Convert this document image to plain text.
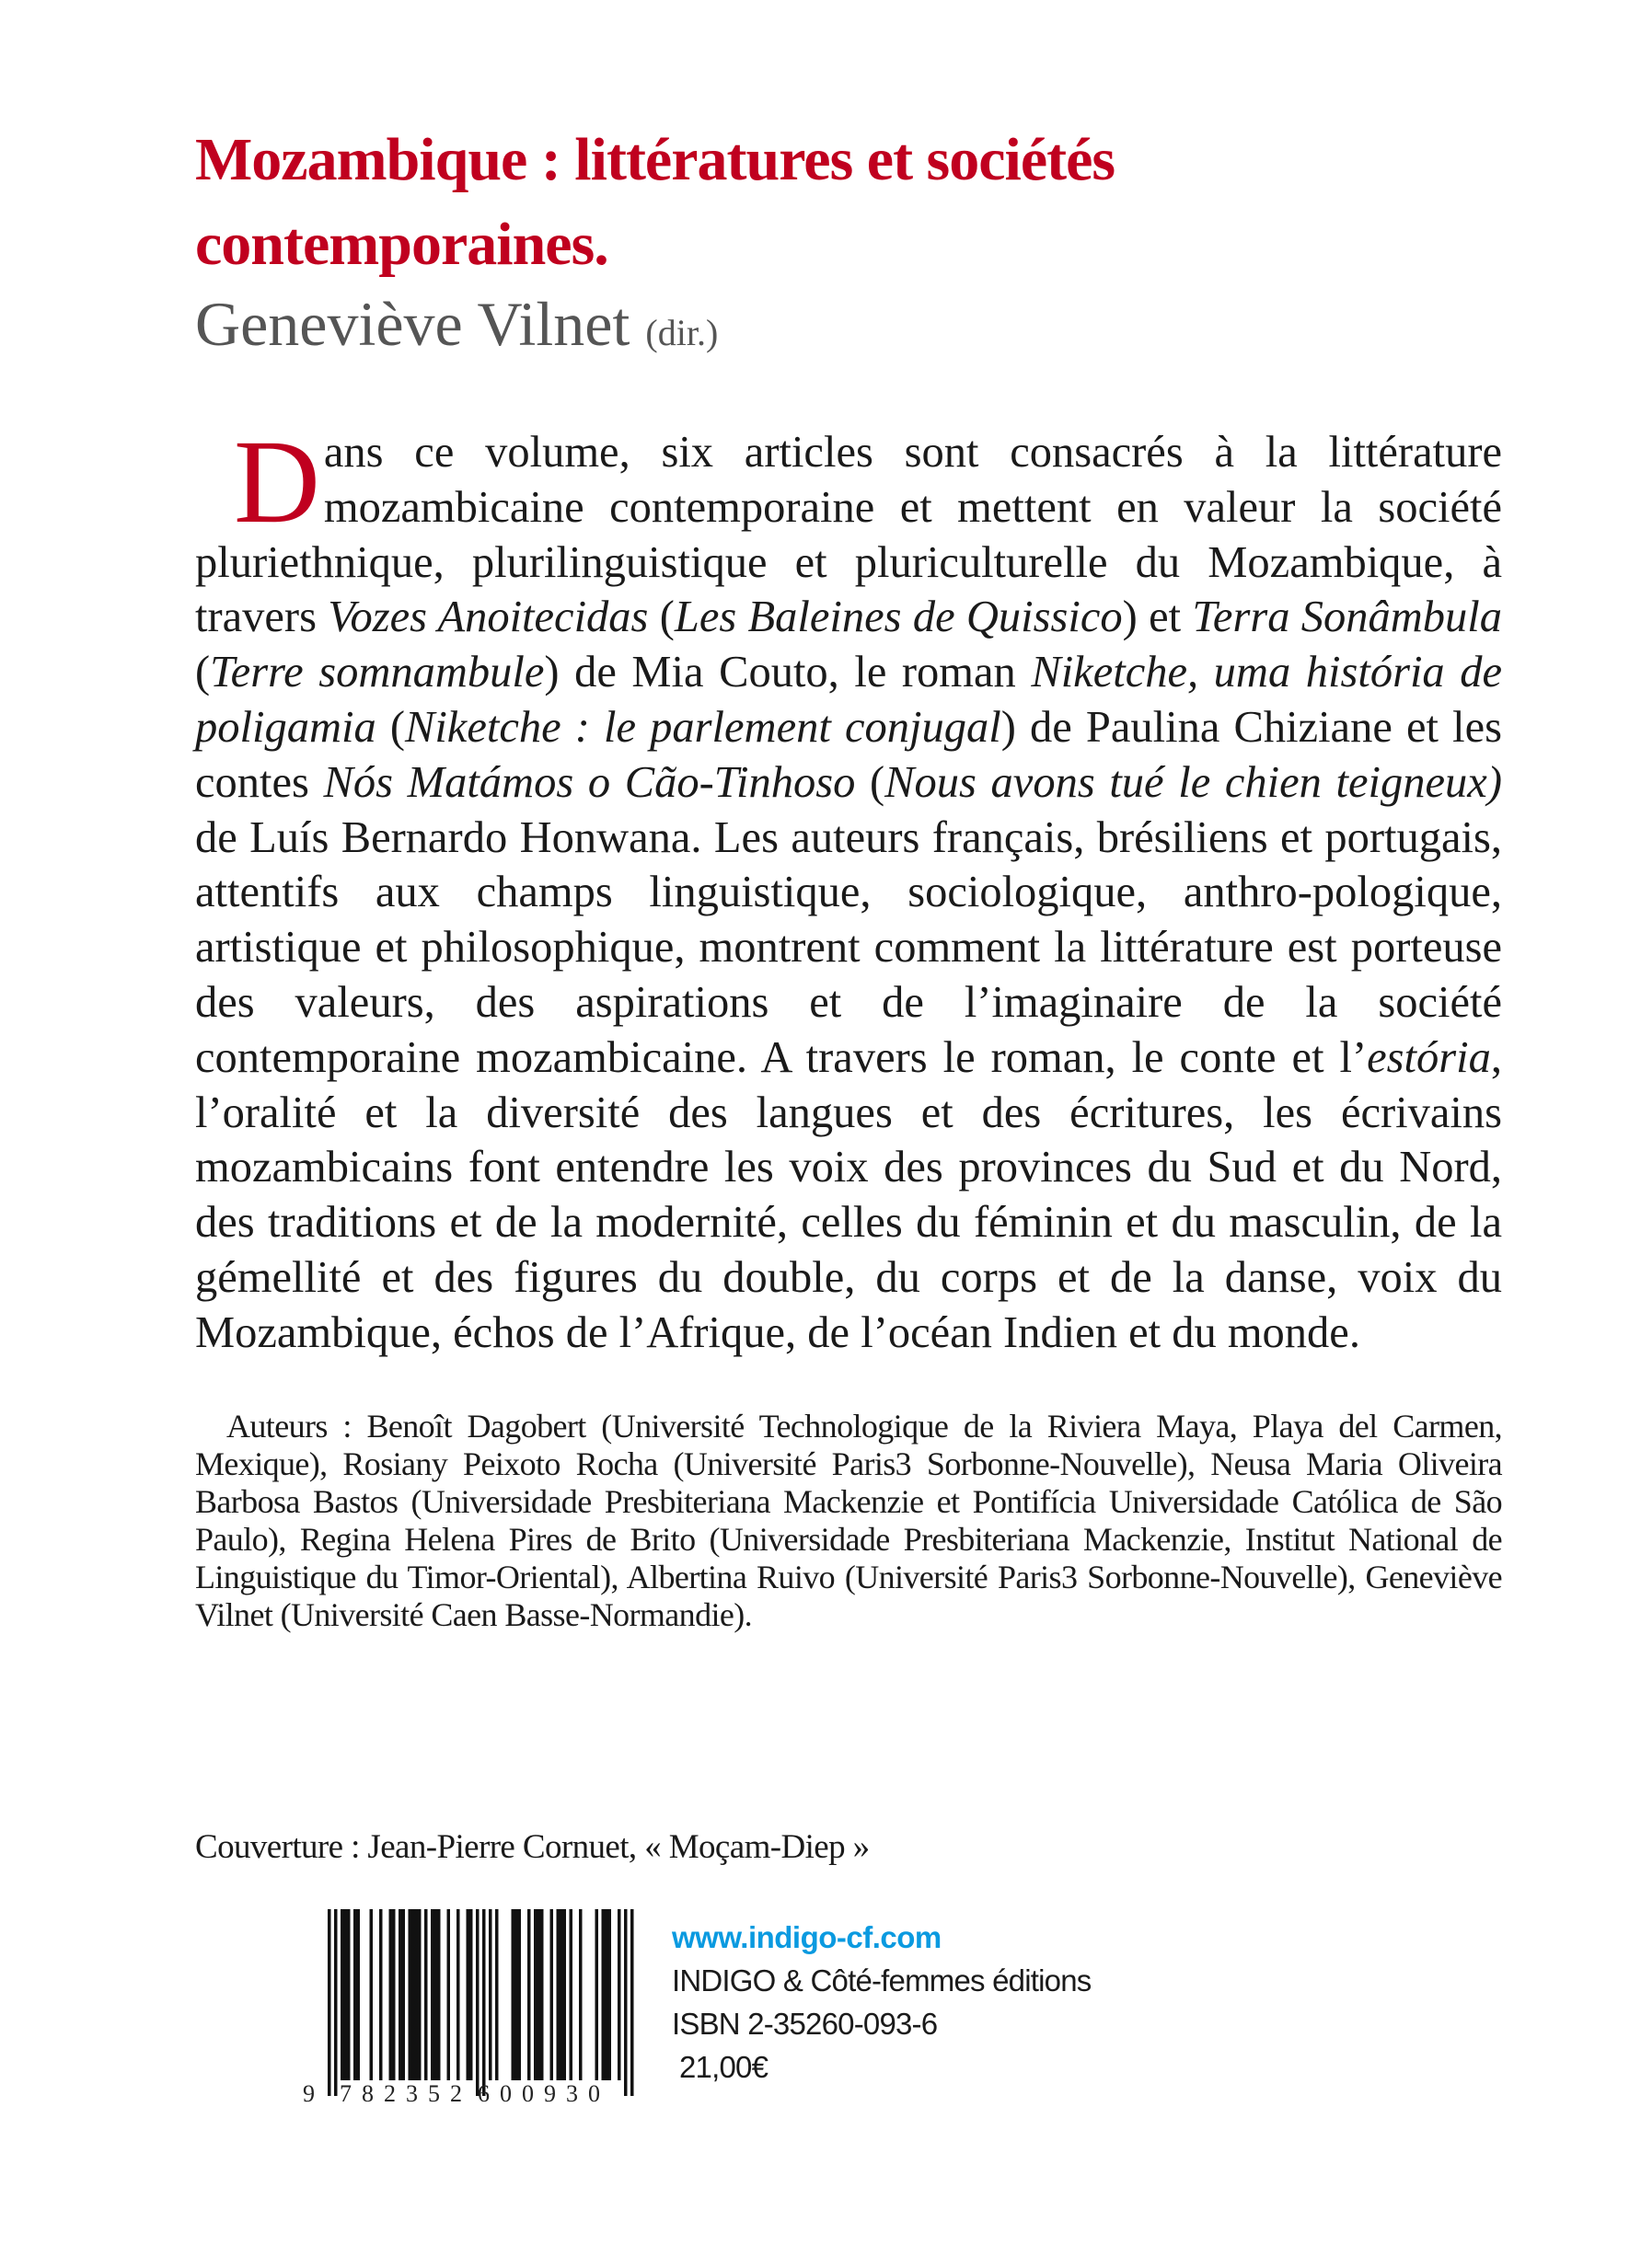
Mozambique : littératures et sociétés contemporaines.

Geneviève Vilnet (dir.)

Dans ce volume, six articles sont consacrés à la littérature mozambicaine contemporaine et mettent en valeur la société pluriethnique, plurilinguistique et pluriculturelle du Mozambique, à travers Vozes Anoitecidas (Les Baleines de Quissico) et Terra Sonâmbula (Terre somnambule) de Mia Couto, le roman Niketche, uma história de poligamia (Niketche : le parlement conjugal) de Paulina Chiziane et les contes Nós Matámos o Cão-Tinhoso (Nous avons tué le chien teigneux) de Luís Bernardo Honwana. Les auteurs français, brésiliens et portugais, attentifs aux champs linguistique, sociologique, anthro-pologique, artistique et philosophique, montrent comment la littérature est porteuse des valeurs, des aspirations et de l’imaginaire de la société contemporaine mozambicaine. A travers le roman, le conte et l’estória, l’oralité et la diversité des langues et des écritures, les écrivains mozambicains font entendre les voix des provinces du Sud et du Nord, des traditions et de la modernité, celles du féminin et du masculin, de la gémellité et des figures du double, du corps et de la danse, voix du Mozambique, échos de l’Afrique, de l’océan Indien et du monde.

Auteurs : Benoît Dagobert (Université Technologique de la Riviera Maya, Playa del Carmen, Mexique), Rosiany Peixoto Rocha (Université Paris3 Sorbonne-Nouvelle), Neusa Maria Oliveira Barbosa Bastos (Universidade Presbiteriana Mackenzie et Pontifícia Universidade Católica de São Paulo), Regina Helena Pires de Brito (Universidade Presbiteriana Mackenzie, Institut National de Linguistique du Timor-Oriental), Albertina Ruivo (Université Paris3 Sorbonne-Nouvelle), Geneviève Vilnet (Université Caen Basse-Normandie).

Couverture : Jean-Pierre Cornuet, « Moçam-Diep »

9 7 8 2 3 5 2 6 0 0 9 3 0
www.indigo-cf.com
INDIGO & Côté-femmes éditions
ISBN 2-35260-093-6
21,00€
